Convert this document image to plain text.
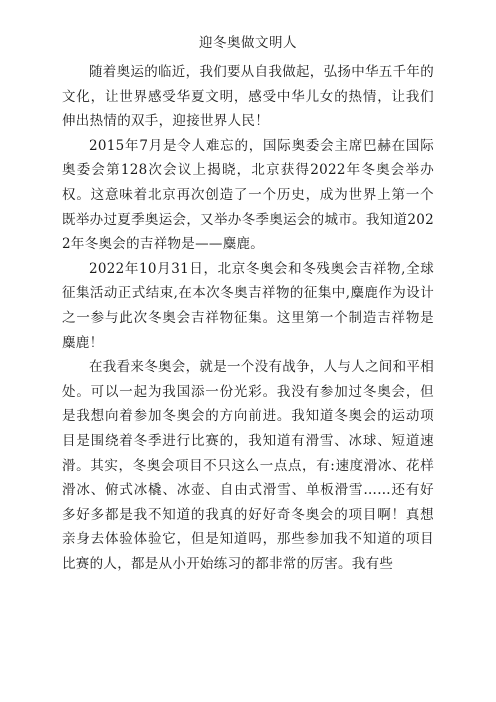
迎冬奥做文明人

随着奥运的临近，我们要从自我做起，弘扬中华五千年的文化，让世界感受华夏文明，感受中华儿女的热情，让我们伸出热情的双手，迎接世界人民！

2015年7月是令人难忘的，国际奥委会主席巴赫在国际奥委会第128次会议上揭晓，北京获得2022年冬奥会举办权。这意味着北京再次创造了一个历史，成为世界上第一个既举办过夏季奥运会，又举办冬季奥运会的城市。我知道2022年冬奥会的吉祥物是——麋鹿。

2022年10月31日，北京冬奥会和冬残奥会吉祥物,全球征集活动正式结束,在本次冬奥吉祥物的征集中,麋鹿作为设计之一参与此次冬奥会吉祥物征集。这里第一个制造吉祥物是麋鹿！

在我看来冬奥会，就是一个没有战争，人与人之间和平相处。可以一起为我国添一份光彩。我没有参加过冬奥会，但是我想向着参加冬奥会的方向前进。我知道冬奥会的运动项目是围绕着冬季进行比赛的，我知道有滑雪、冰球、短道速滑。其实，冬奥会项目不只这么一点点，有:速度滑冰、花样滑冰、俯式冰橇、冰壶、自由式滑雪、单板滑雪……还有好多好多都是我不知道的我真的好好奇冬奥会的项目啊！真想亲身去体验体验它，但是知道吗，那些参加我不知道的项目比赛的人，都是从小开始练习的都非常的厉害。我有些
